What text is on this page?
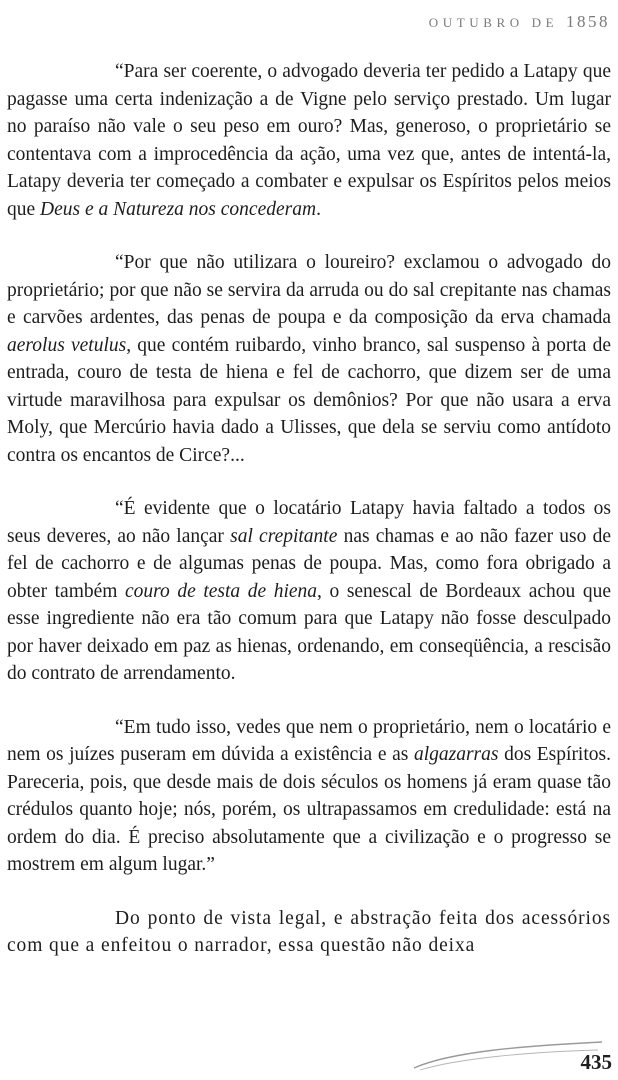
OUTUBRO DE 1858

“Para ser coerente, o advogado deveria ter pedido a Latapy que pagasse uma certa indenização a de Vigne pelo serviço prestado. Um lugar no paraíso não vale o seu peso em ouro? Mas, generoso, o proprietário se contentava com a improcedência da ação, uma vez que, antes de intentá-la, Latapy deveria ter começado a combater e expulsar os Espíritos pelos meios que Deus e a Natureza nos concederam.

“Por que não utilizara o loureiro? exclamou o advogado do proprietário; por que não se servira da arruda ou do sal crepitante nas chamas e carvões ardentes, das penas de poupa e da composição da erva chamada aerolus vetulus, que contém ruibardo, vinho branco, sal suspenso à porta de entrada, couro de testa de hiena e fel de cachorro, que dizem ser de uma virtude maravilhosa para expulsar os demônios? Por que não usara a erva Moly, que Mercúrio havia dado a Ulisses, que dela se serviu como antídoto contra os encantos de Circe?...

“É evidente que o locatário Latapy havia faltado a todos os seus deveres, ao não lançar sal crepitante nas chamas e ao não fazer uso de fel de cachorro e de algumas penas de poupa. Mas, como fora obrigado a obter também couro de testa de hiena, o senescal de Bordeaux achou que esse ingrediente não era tão comum para que Latapy não fosse desculpado por haver deixado em paz as hienas, ordenando, em conseqüência, a rescisão do contrato de arrendamento.

“Em tudo isso, vedes que nem o proprietário, nem o locatário e nem os juízes puseram em dúvida a existência e as algazarras dos Espíritos. Pareceria, pois, que desde mais de dois séculos os homens já eram quase tão crédulos quanto hoje; nós, porém, os ultrapassamos em credulidade: está na ordem do dia. É preciso absolutamente que a civilização e o progresso se mostrem em algum lugar.”

Do ponto de vista legal, e abstração feita dos acessórios com que a enfeitou o narrador, essa questão não deixa

435
